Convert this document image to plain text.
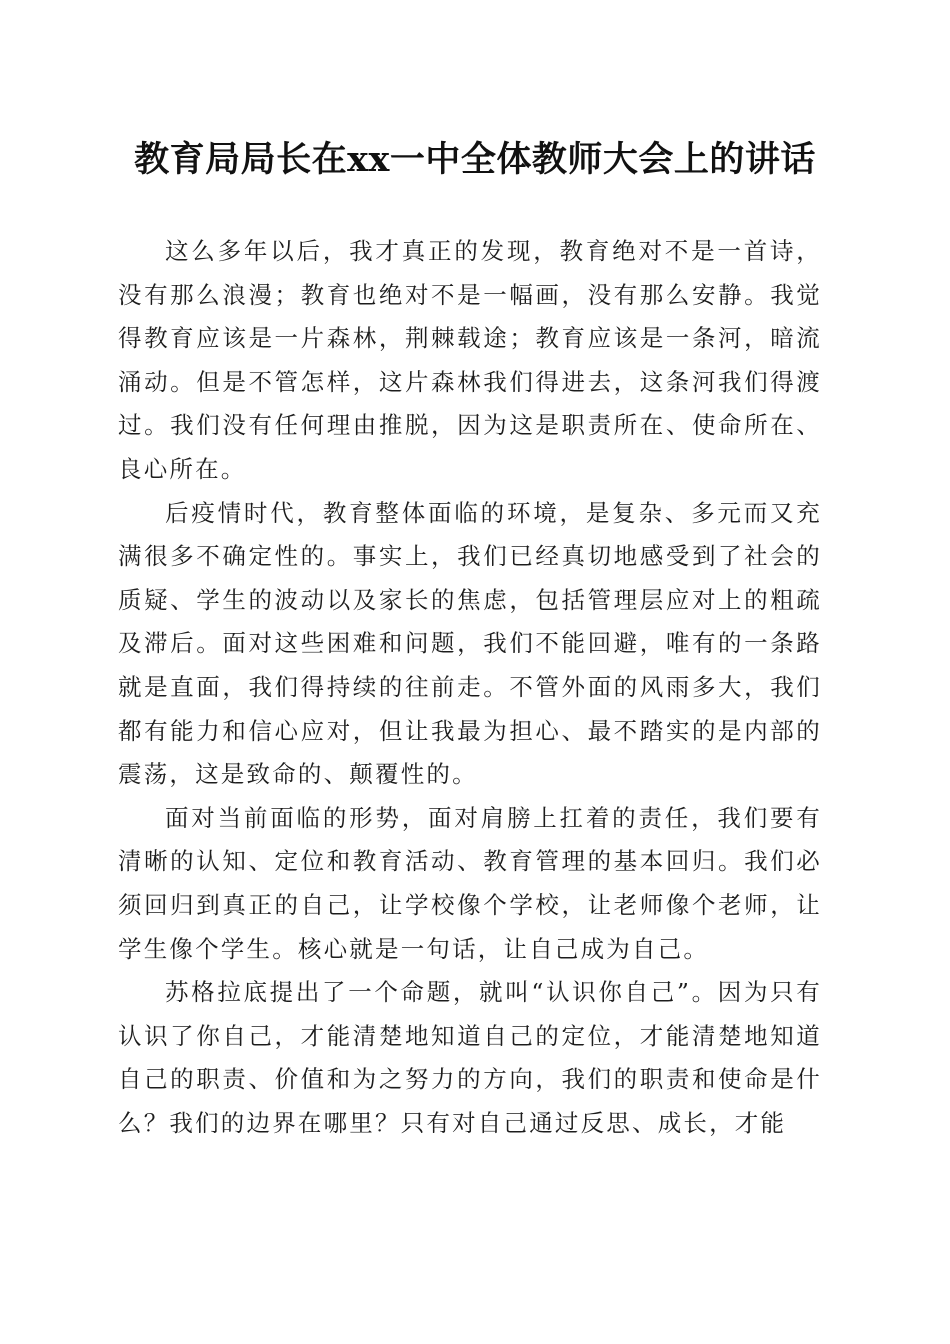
教育局局长在xx一中全体教师大会上的讲话

这么多年以后，我才真正的发现，教育绝对不是一首诗，没有那么浪漫；教育也绝对不是一幅画，没有那么安静。我觉得教育应该是一片森林，荆棘载途；教育应该是一条河，暗流涌动。但是不管怎样，这片森林我们得进去，这条河我们得渡过。我们没有任何理由推脱，因为这是职责所在、使命所在、良心所在。

后疫情时代，教育整体面临的环境，是复杂、多元而又充满很多不确定性的。事实上，我们已经真切地感受到了社会的质疑、学生的波动以及家长的焦虑，包括管理层应对上的粗疏及滞后。面对这些困难和问题，我们不能回避，唯有的一条路就是直面，我们得持续的往前走。不管外面的风雨多大，我们都有能力和信心应对，但让我最为担心、最不踏实的是内部的震荡，这是致命的、颠覆性的。

面对当前面临的形势，面对肩膀上扛着的责任，我们要有清晰的认知、定位和教育活动、教育管理的基本回归。我们必须回归到真正的自己，让学校像个学校，让老师像个老师，让学生像个学生。核心就是一句话，让自己成为自己。

苏格拉底提出了一个命题，就叫“认识你自己”。因为只有认识了你自己，才能清楚地知道自己的定位，才能清楚地知道自己的职责、价值和为之努力的方向，我们的职责和使命是什么？我们的边界在哪里？只有对自己通过反思、成长，才能
